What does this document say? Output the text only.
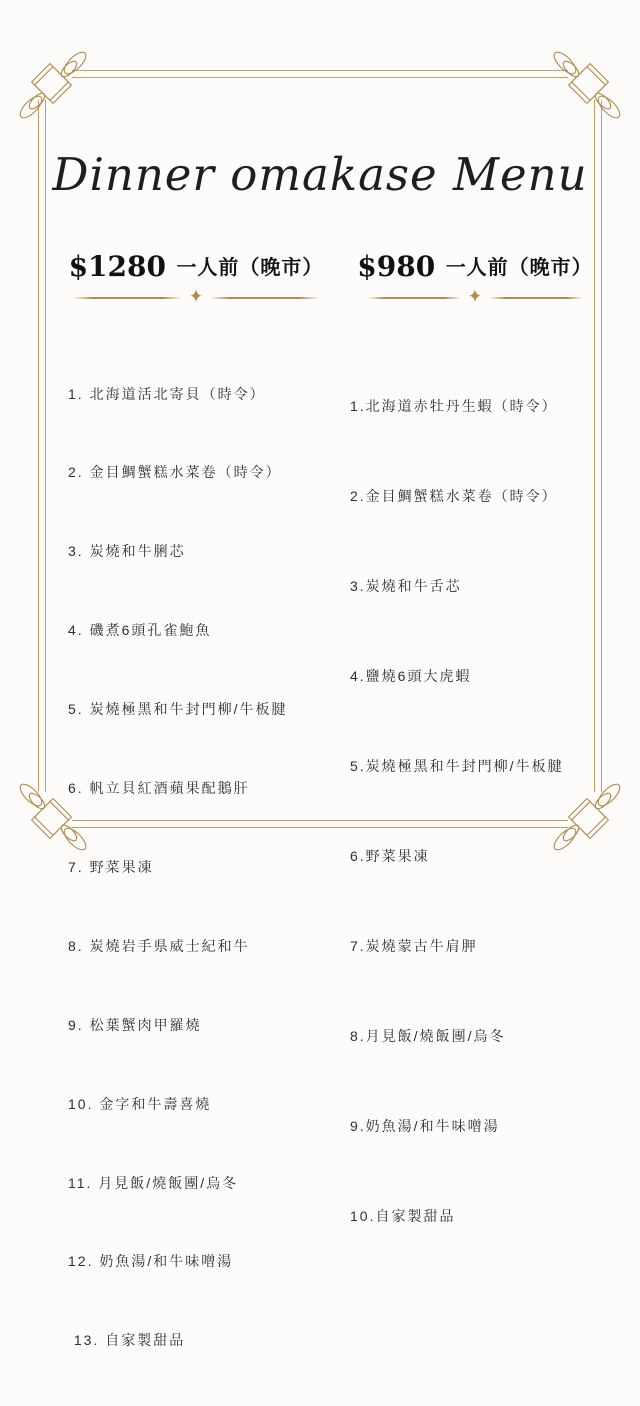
Dinner omakase Menu
$1280 一人前（晚市）
✦

1. 北海道活北寄貝（時令）

2. 金目鯛蟹糕水菜卷（時令）

3. 炭燒和牛脷芯

4. 磯煮6頭孔雀鮑魚

5. 炭燒極黑和牛封門柳/牛板腱

6. 帆立貝紅酒蘋果配鵝肝

7. 野菜果凍

8. 炭燒岩手県威士紀和牛

9. 松葉蟹肉甲羅燒

10. 金字和牛壽喜燒

11. 月見飯/燒飯團/烏冬

12. 奶魚湯/和牛味噌湯

13. 自家製甜品

$980 一人前（晚市）
✦

1.北海道赤牡丹生蝦（時令）

2.金目鯛蟹糕水菜卷（時令）

3.炭燒和牛舌芯

4.鹽燒6頭大虎蝦

5.炭燒極黑和牛封門柳/牛板腱

6.野菜果凍

7.炭燒蒙古牛肩胛

8.月見飯/燒飯團/烏冬

9.奶魚湯/和牛味噌湯

10.自家製甜品
